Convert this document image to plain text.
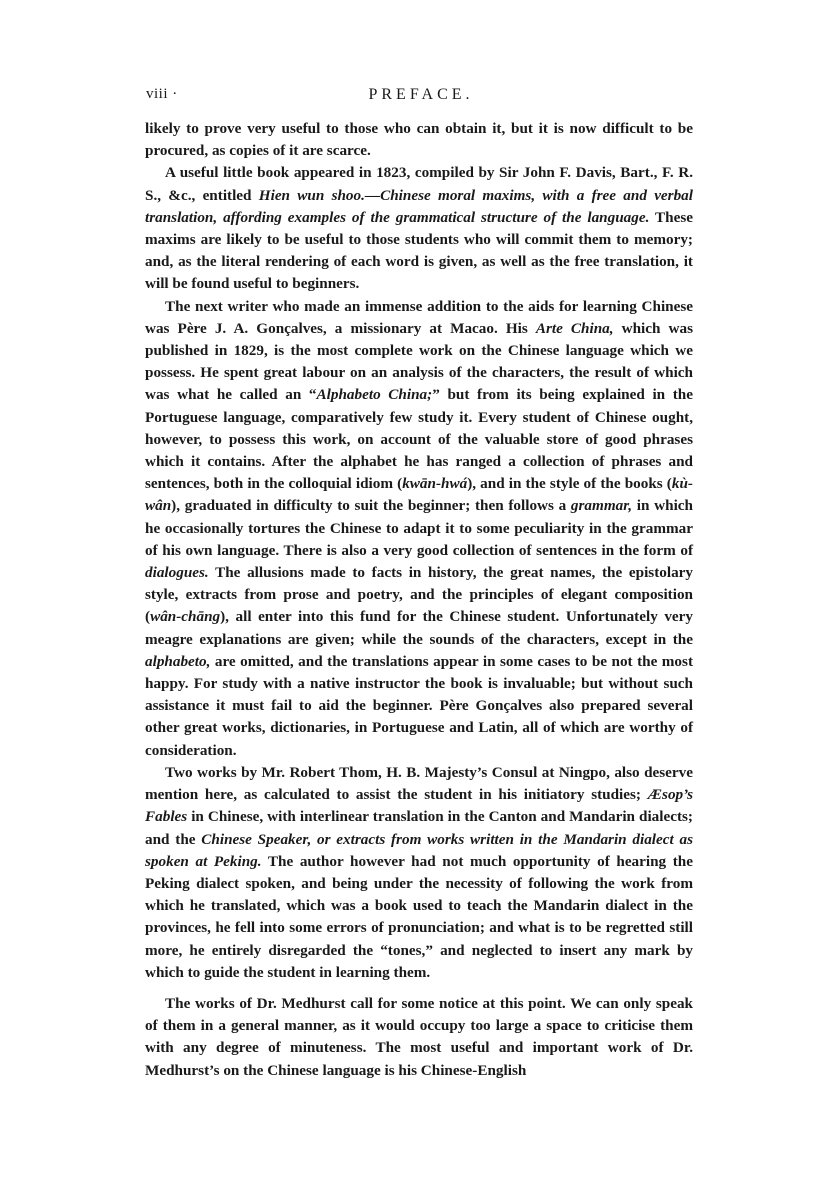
viii ·	PREFACE.

likely to prove very useful to those who can obtain it, but it is now difficult to be procured, as copies of it are scarce.

A useful little book appeared in 1823, compiled by Sir John F. Davis, Bart., F. R. S., &c., entitled Hien wun shoo.—Chinese moral maxims, with a free and verbal translation, affording examples of the grammatical structure of the language. These maxims are likely to be useful to those students who will commit them to memory; and, as the literal rendering of each word is given, as well as the free translation, it will be found useful to beginners.

The next writer who made an immense addition to the aids for learning Chinese was Père J. A. Gonçalves, a missionary at Macao. His Arte China, which was published in 1829, is the most complete work on the Chinese language which we possess. He spent great labour on an analysis of the characters, the result of which was what he called an “Alphabeto China;” but from its being explained in the Portuguese language, comparatively few study it. Every student of Chinese ought, however, to possess this work, on account of the valuable store of good phrases which it contains. After the alphabet he has ranged a collection of phrases and sentences, both in the colloquial idiom (kwān-hwá), and in the style of the books (kù-wân), graduated in difficulty to suit the beginner; then follows a grammar, in which he occasionally tortures the Chinese to adapt it to some peculiarity in the grammar of his own language. There is also a very good collection of sentences in the form of dialogues. The allusions made to facts in history, the great names, the epistolary style, extracts from prose and poetry, and the principles of elegant composition (wân-chāng), all enter into this fund for the Chinese student. Unfortunately very meagre explanations are given; while the sounds of the characters, except in the alphabeto, are omitted, and the translations appear in some cases to be not the most happy. For study with a native instructor the book is invaluable; but without such assistance it must fail to aid the beginner. Père Gonçalves also prepared several other great works, dictionaries, in Portuguese and Latin, all of which are worthy of consideration.

Two works by Mr. Robert Thom, H. B. Majesty’s Consul at Ningpo, also deserve mention here, as calculated to assist the student in his initiatory studies; Æsop’s Fables in Chinese, with interlinear translation in the Canton and Mandarin dialects; and the Chinese Speaker, or extracts from works written in the Mandarin dialect as spoken at Peking. The author however had not much opportunity of hearing the Peking dialect spoken, and being under the necessity of following the work from which he translated, which was a book used to teach the Mandarin dialect in the provinces, he fell into some errors of pronunciation; and what is to be regretted still more, he entirely disregarded the “tones,” and neglected to insert any mark by which to guide the student in learning them.

The works of Dr. Medhurst call for some notice at this point. We can only speak of them in a general manner, as it would occupy too large a space to criticise them with any degree of minuteness. The most useful and important work of Dr. Medhurst’s on the Chinese language is his Chinese-English
